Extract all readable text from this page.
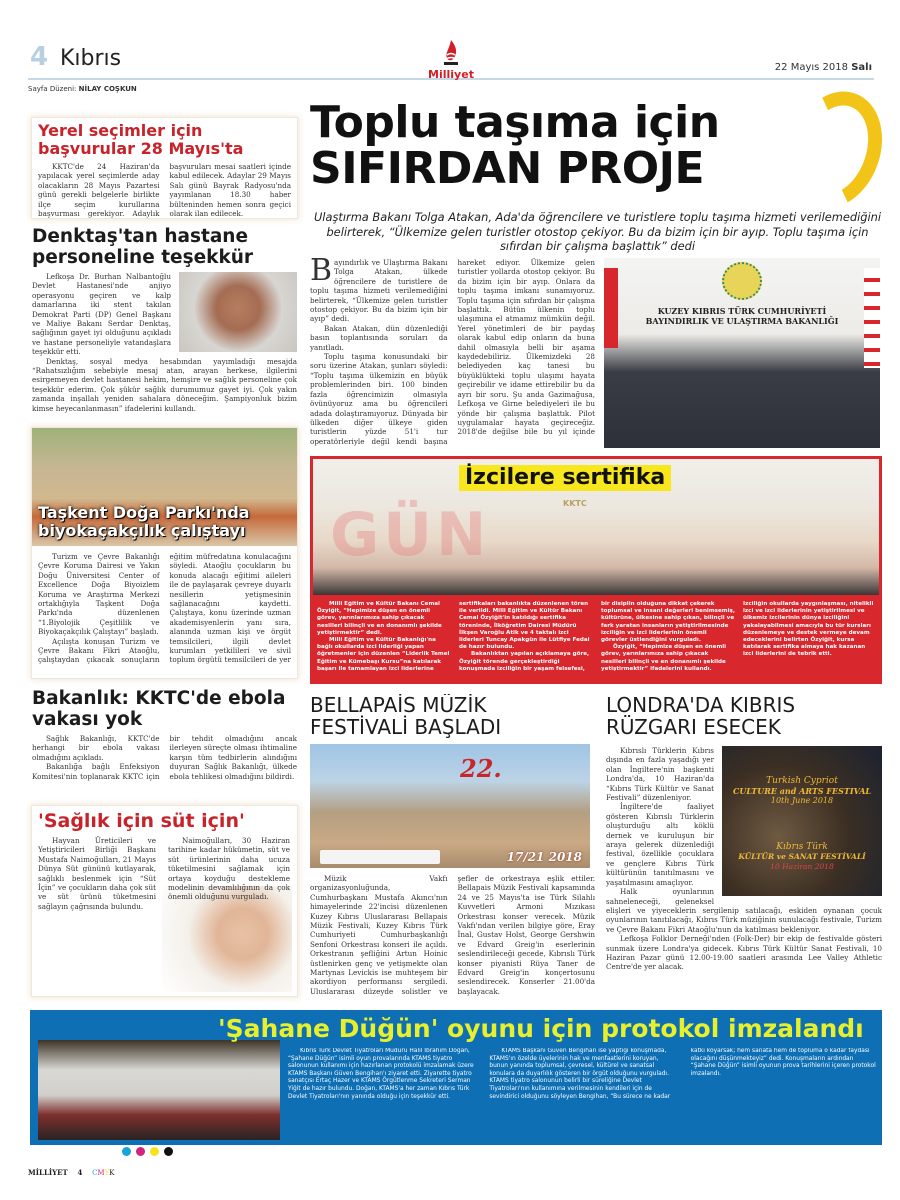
4 Kıbrıs
Sayfa Düzeni: NİLAY COŞKUN
Milliyet
22 Mayıs 2018 Salı
Yerel seçimler için başvurular 28 Mayıs'ta

KKTC'de 24 Haziran'da yapılacak yerel seçimlerde aday olacakların 28 Mayıs Pazartesi günü gerekli belgelerle birlikte ilçe seçim kurullarına başvurması gerekiyor. Adaylık başvuruları mesai saatleri içinde kabul edilecek. Adaylar 29 Mayıs Salı günü Bayrak Radyosu'nda yayımlanan 18.30 haber bülteninden hemen sonra geçici olarak ilan edilecek.

Denktaş'tan hastane personeline teşekkür

Lefkoşa Dr. Burhan Nalbantoğlu Devlet Hastanesi'nde anjiyo operasyonu geçiren ve kalp damarlarına iki stent takılan Demokrat Parti (DP) Genel Başkanı ve Maliye Bakanı Serdar Denktaş, sağlığının gayet iyi olduğunu açıkladı ve hastane personeliyle vatandaşlara teşekkür etti.

Denktaş, sosyal medya hesabından yayımladığı mesajda “Rahatsızlığım sebebiyle mesaj atan, arayan herkese, ilgilerini esirgemeyen devlet hastanesi hekim, hemşire ve sağlık personeline çok teşekkür ederim. Çok şükür sağlık durumumuz gayet iyi. Çok yakın zamanda inşallah yeniden sahalara döneceğim. Şampiyonluk bizim kimse heyecanlanmasın” ifadelerini kullandı.

Taşkent Doğa Parkı'nda
biyokaçakçılık çalıştayı

Turizm ve Çevre Bakanlığı Çevre Koruma Dairesi ve Yakın Doğu Üniversitesi Center of Excellence Doğa Biyoizlem Koruma ve Araştırma Merkezi ortaklığıyla Taşkent Doğa Parkı'nda düzenlenen “1.Biyolojik Çeşitlilik ve Biyokaçakçılık Çalıştayı” başladı.

Açılışta konuşan Turizm ve Çevre Bakanı Fikri Ataoğlu, çalıştaydan çıkacak sonuçların eğitim müfredatına konulacağını söyledi. Ataoğlu çocukların bu konuda alacağı eğitimi aileleri ile de paylaşarak çevreye duyarlı nesillerin yetişmesinin sağlanacağını kaydetti. Çalıştaya, konu üzerinde uzman akademisyenlerin yanı sıra, alanında uzman kişi ve örgüt temsilcileri, ilgili devlet kurumları yetkilileri ve sivil toplum örgütü temsilcileri de yer

Bakanlık: KKTC'de ebola vakası yok

Sağlık Bakanlığı, KKTC'de herhangi bir ebola vakası olmadığını açıkladı.

Bakanlığa bağlı Enfeksiyon Komitesi'nin toplanarak KKTC için bir tehdit olmadığını ancak ilerleyen süreçte olması ihtimaline karşın tüm tedbirlerin alındığını duyuran Sağlık Bakanlığı, ülkede ebola tehlikesi olmadığını bildirdi.

'Sağlık için süt için'

Hayvan Üreticileri ve Yetiştiricileri Birliği Başkanı Mustafa Naimoğulları, 21 Mayıs Dünya Süt gününü kutlayarak, sağlıklı beslenmek için “Süt İçin” ve çocukların daha çok süt ve süt ürünü tüketmesini sağlayın çağrısında bulundu.

Naimoğulları, 30 Haziran tarihine kadar hükümetin, süt ve süt ürünlerinin daha ucuza tüketilmesini sağlamak için ortaya koyduğu destekleme modelinin devamlılığının da çok önemli olduğunu vurguladı.

Toplu taşıma için
SIFIRDAN PROJE
Ulaştırma Bakanı Tolga Atakan, Ada'da öğrencilere ve turistlere toplu taşıma hizmeti verilemediğini belirterek, “Ülkemize gelen turistler otostop çekiyor. Bu da bizim için bir ayıp. Toplu taşıma için sıfırdan bir çalışma başlattık” dedi

Bayındırlık ve Ulaştırma Bakanı Tolga Atakan, ülkede öğrencilere de turistlere de toplu taşıma hizmeti verilemediğini belirterek, “Ülkemize gelen turistler otostop çekiyor. Bu da bizim için bir ayıp” dedi.

Bakan Atakan, dün düzenlediği basın toplantısında soruları da yanıtladı.

Toplu taşıma konusundaki bir soru üzerine Atakan, şunları söyledi: “Toplu taşıma ülkemizin en büyük problemlerinden biri. 100 binden fazla öğrencimizin olmasıyla övünüyoruz ama bu öğrencileri adada dolaştıramıyoruz. Dünyada bir ülkeden diğer ülkeye giden turistlerin yüzde 51'i tur operatörleriyle değil kendi başına hareket ediyor. Ülkemize gelen turistler yollarda otostop çekiyor. Bu da bizim için bir ayıp. Onlara da toplu taşıma imkanı sunamıyoruz. Toplu taşıma için sıfırdan bir çalışma başlattık. Bütün ülkenin toplu ulaşımına el atmamız mümkün değil. Yerel yönetimleri de bir paydaş olarak kabul edip onların da buna dahil olmasıyla belli bir aşama kaydedebiliriz. Ülkemizdeki 28 belediyeden kaç tanesi bu büyüklükteki toplu ulaşımı hayata geçirebilir ve idame ettirebilir bu da ayrı bir soru. Şu anda Gazimağusa, Lefkoşa ve Girne belediyeleri ile bu yönde bir çalışma başlattık. Pilot uygulamalar hayata geçireceğiz. 2018'de değilse bile bu yıl içinde

KUZEY KIBRIS TÜRK CUMHURİYETİ
BAYINDIRLIK VE ULAŞTIRMA BAKANLIĞI
KKTC
İzcilere sertifika

Milli Eğitim ve Kültür Bakanı Cemal Özyiğit, “Hepimize düşen en önemli görev, yarınlarımıza sahip çıkacak nesilleri bilinçli ve en donanımlı şekilde yetiştirmektir” dedi.

Milli Eğitim ve Kültür Bakanlığı'na bağlı okullarda izci liderliği yapan öğretmenler için düzenlen “Liderlik Temel Eğitim ve Kümebaşı Kursu”na katılarak başarı ile tamamlayan izci liderlerine sertifikaları bakanlıkta düzenlenen tören ile verildi. Milli Eğitim ve Kültür Bakanı Cemal Özyiğit'in katıldığı sertifika töreninde, İlköğretim Dairesi Müdürü İlkşen Varoğlu Atik ve 4 taktalı izci liderleri Tuncay Apakgün ile Lütfiye Fedai de hazır bulundu.

Bakanlıktan yapılan açıklamaya göre, Özyiğit törende gerçekleştirdiği konuşmada izciliğin bir yaşam felsefesi, bir disiplin olduğuna dikkat çekerek toplumsal ve insani değerleri benimsemiş, kültürüne, ülkesine sahip çıkan, bilinçli ve fark yaratan insanların yetiştirilmesinde izciliğin ve izci liderlerinin önemli görevler üstlendiğini vurguladı.

Özyiğit, “Hepimize düşen en önemli görev, yarınlarımıza sahip çıkacak nesilleri bilinçli ve en donanımlı şekilde yetiştirmektir” ifadelerini kullandı. İzciliğin okullarda yaygınlaşması, nitelikli izci ve izci liderlerinin yetiştirilmesi ve ülkemiz izcilerinin dünya izciliğini yakalayabilmesi amacıyla bu tür kursları düzenlemeye ve destek vermeye devam edeceklerini belirten Özyiğit, kursa katılarak sertifika almaya hak kazanan izci liderlerini de tebrik etti.

GÜN
BELLAPAİS MÜZİK
FESTİVALİ BAŞLADI
22.
17/21 2018

Müzik Vakfı organizasyonluğunda, Cumhurbaşkanı Mustafa Akıncı'nın himayelerinde 22'incisi düzenlenen Kuzey Kıbrıs Uluslararası Bellapais Müzik Festivali, Kuzey Kıbrıs Türk Cumhuriyeti Cumhurbaşkanlığı Senfoni Orkestrası konseri ile açıldı. Orkestranın şefliğini Artun Hoinic üstlenirken genç ve yetişmekte olan Martynas Levickis ise muhteşem bir akordiyon performansı sergiledi. Uluslararası düzeyde solistler ve şefler de orkestraya eşlik ettiler. Bellapais Müzik Festivali kapsamında 24 ve 25 Mayıs'ta ise Türk Silahlı Kuvvetleri Armoni Mızıkası Orkestrası konser verecek. Müzik Vakfı'ndan verilen bilgiye göre, Eray İnal, Gustav Holst, George Gershwin ve Edvard Greig'in eserlerinin seslendirileceği gecede, Kıbrıslı Türk konser piyanisti Rüya Taner de Edvard Greig'in konçertosunu seslendirecek. Konserler 21.00'da başlayacak.

LONDRA'DA KIBRIS
RÜZGARI ESECEK
Turkish Cypriot
CULTURE and ARTS FESTIVAL
10th June 2018
Kıbrıs Türk
KÜLTÜR ve SANAT FESTİVALİ
10 Haziran 2018

Kıbrıslı Türklerin Kıbrıs dışında en fazla yaşadığı yer olan İngiltere'nin başkenti Londra'da, 10 Haziran'da “Kıbrıs Türk Kültür ve Sanat Festivali” düzenleniyor.

İngiltere'de faaliyet gösteren Kıbrıslı Türklerin oluşturduğu altı köklü dernek ve kuruluşun bir araya gelerek düzenlediği festival, özellikle çocuklara ve gençlere Kıbrıs Türk kültürünün tanıtılmasını ve yaşatılmasını amaçlıyor.

Halk oyunlarının sahneleneceği, geleneksel elişleri ve yiyeceklerin sergilenip satılacağı, eskiden oynanan çocuk oyunlarının tanıtılacağı, Kıbrıs Türk müziğinin sunulacağı festivale, Turizm ve Çevre Bakanı Fikri Ataoğlu'nun da katılması bekleniyor.

Lefkoşa Folklor Derneği'nden (Folk-Der) bir ekip de festivalde gösteri sunmak üzere Londra'ya gidecek. Kıbrıs Türk Kültür Sanat Festivali, 10 Haziran Pazar günü 12.00-19.00 saatleri arasında Lee Valley Athletic Centre'de yer alacak.

'Şahane Düğün' oyunu için protokol imzalandı

Kıbrıs Türk Devlet Tiyatroları Müdürü Halil İbrahim Doğan, “Şahane Düğün” isimli oyun provalarında KTAMS tiyatro salonunun kullanımı için hazırlanan protokolü imzalamak üzere KTAMS Başkanı Güven Bengihan'ı ziyaret etti. Ziyarette tiyatro sanatçısı Ertaç Hazer ve KTAMS Örgütlenme Sekreteri Serman Yiğit de hazır bulundu. Doğan, KTAMS'a her zaman Kıbrıs Türk Devlet Tiyatroları'nın yanında olduğu için teşekkür etti.

KTAMS Başkanı Güven Bengihan ise yaptığı konuşmada, KTAMS'ın özelde üyelerinin hak ve menfaatlerini koruyan, bunun yanında toplumsal, çevresel, kültürel ve sanatsal konulara da duyarlılık gösteren bir örgüt olduğunu vurguladı. KTAMS tiyatro salonunun belirli bir süreliğine Devlet Tiyatroları'nın kullanımına verilmesinin kendileri için de sevindirici olduğunu söyleyen Bengihan, “Bu sürece ne kadar katkı koyarsak; hem sanata hem de topluma o kadar faydası olacağını düşünmekteyiz” dedi. Konuşmaların ardından “Şahane Düğün” isimli oyunun prova tarihlerini içeren protokol imzalandı.

MİLLİYET 4 CMYK
